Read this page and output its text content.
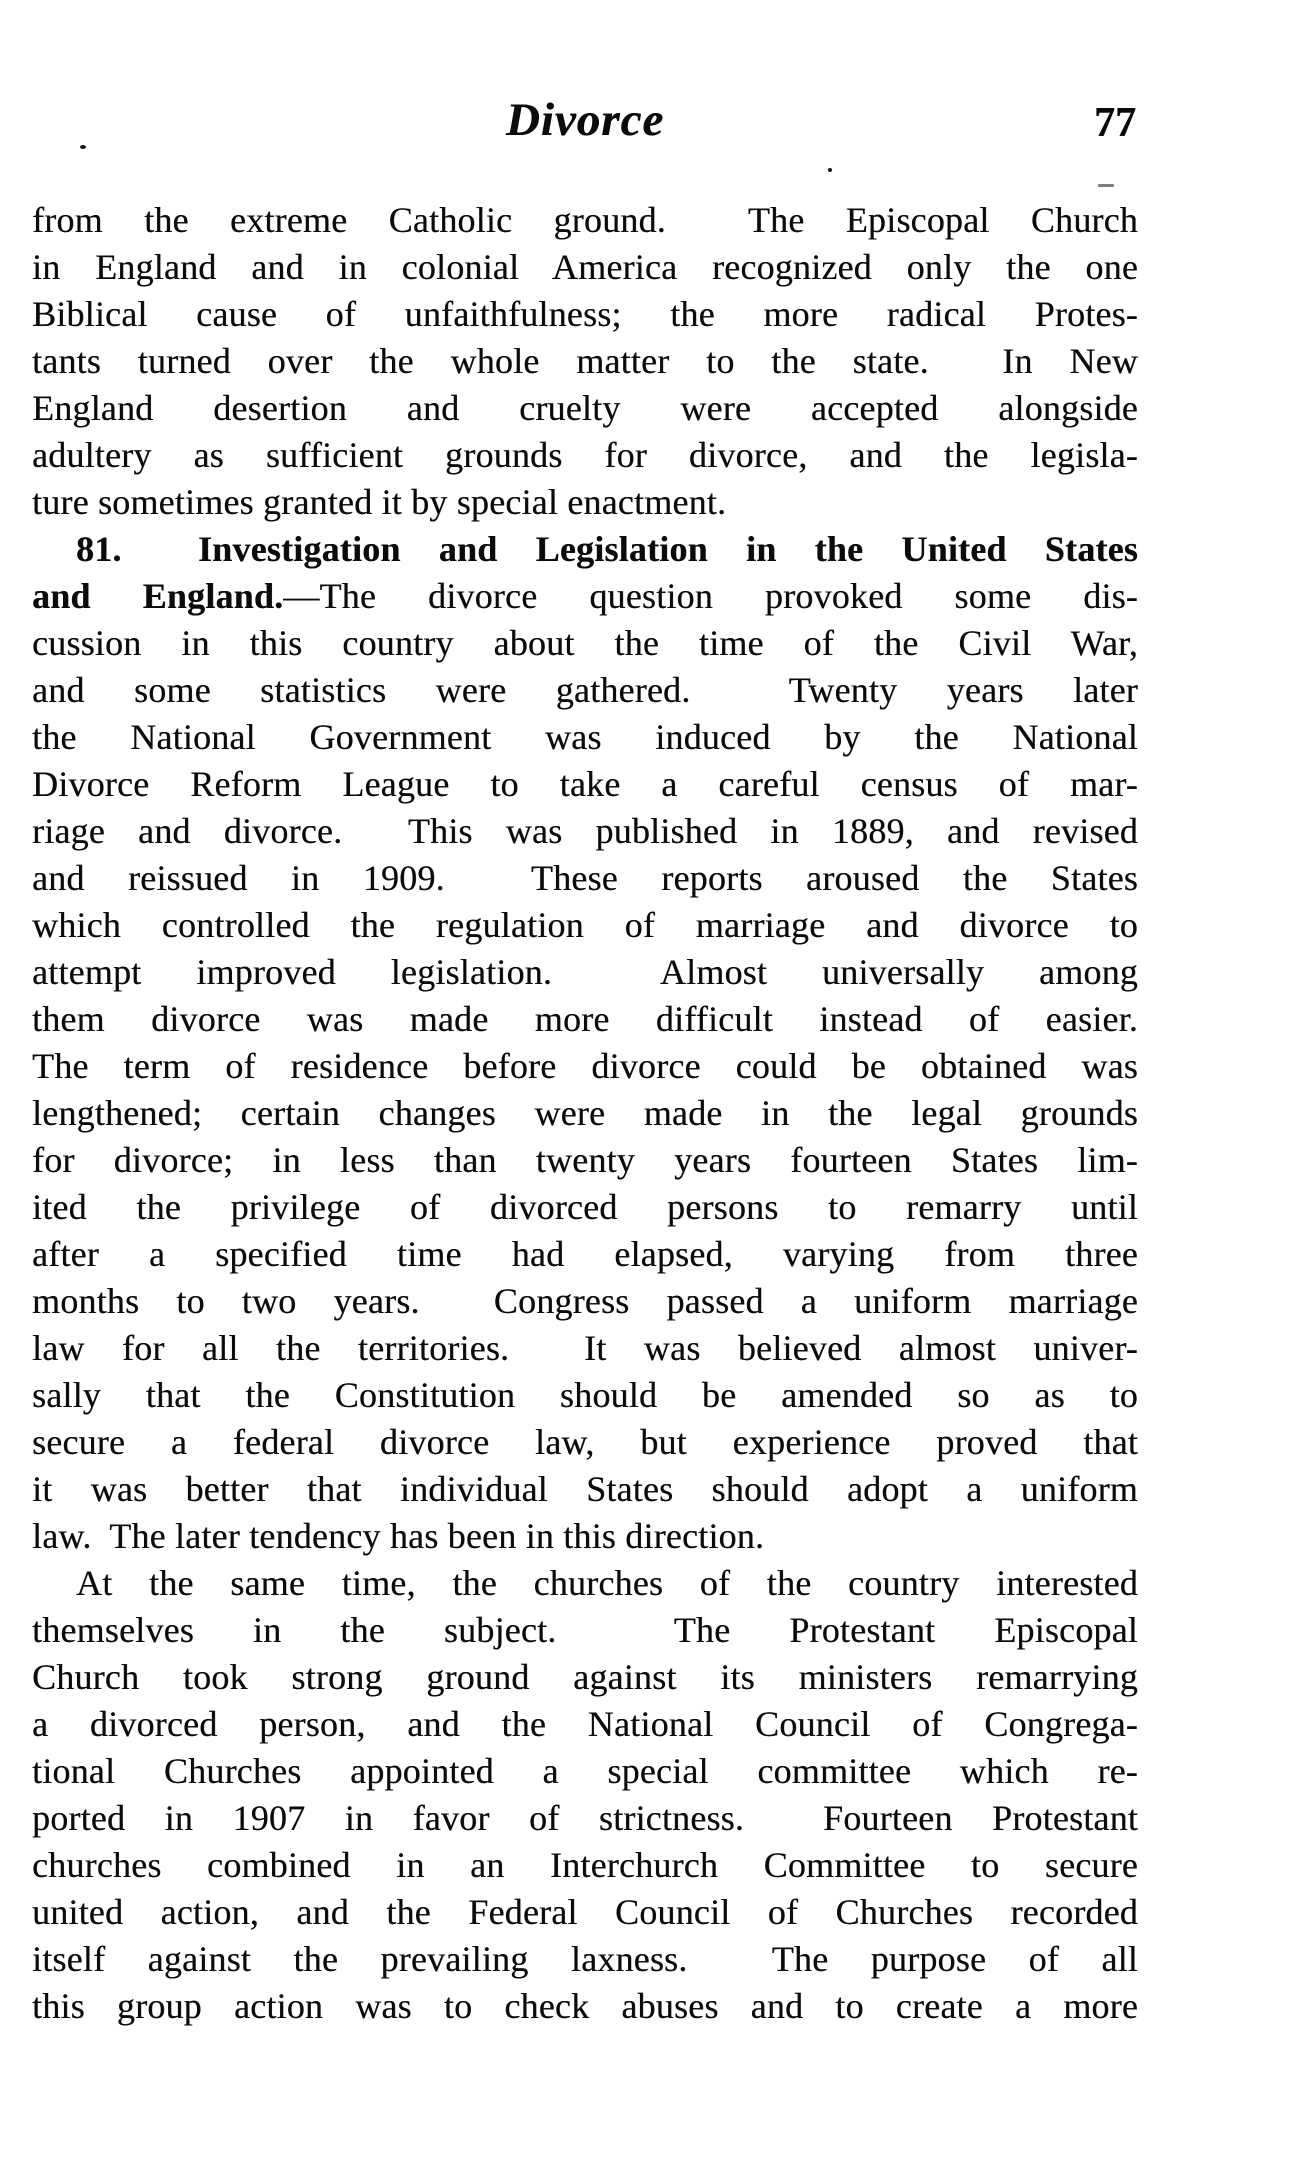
Divorce	77
from the extreme Catholic ground.  The Episcopal Church
in England and in colonial America recognized only the one
Biblical cause of unfaithfulness; the more radical Protes-
tants turned over the whole matter to the state.  In New
England desertion and cruelty were accepted alongside
adultery as sufficient grounds for divorce, and the legisla-
ture sometimes granted it by special enactment.
81.  Investigation and Legislation in the United States
and England.—The divorce question provoked some dis-
cussion in this country about the time of the Civil War,
and some statistics were gathered.  Twenty years later
the National Government was induced by the National
Divorce Reform League to take a careful census of mar-
riage and divorce.  This was published in 1889, and revised
and reissued in 1909.  These reports aroused the States
which controlled the regulation of marriage and divorce to
attempt improved legislation.  Almost universally among
them divorce was made more difficult instead of easier.
The term of residence before divorce could be obtained was
lengthened; certain changes were made in the legal grounds
for divorce; in less than twenty years fourteen States lim-
ited the privilege of divorced persons to remarry until
after a specified time had elapsed, varying from three
months to two years.  Congress passed a uniform marriage
law for all the territories.  It was believed almost univer-
sally that the Constitution should be amended so as to
secure a federal divorce law, but experience proved that
it was better that individual States should adopt a uniform
law.  The later tendency has been in this direction.
At the same time, the churches of the country interested
themselves in the subject.  The Protestant Episcopal
Church took strong ground against its ministers remarrying
a divorced person, and the National Council of Congrega-
tional Churches appointed a special committee which re-
ported in 1907 in favor of strictness.  Fourteen Protestant
churches combined in an Interchurch Committee to secure
united action, and the Federal Council of Churches recorded
itself against the prevailing laxness.  The purpose of all
this group action was to check abuses and to create a more
